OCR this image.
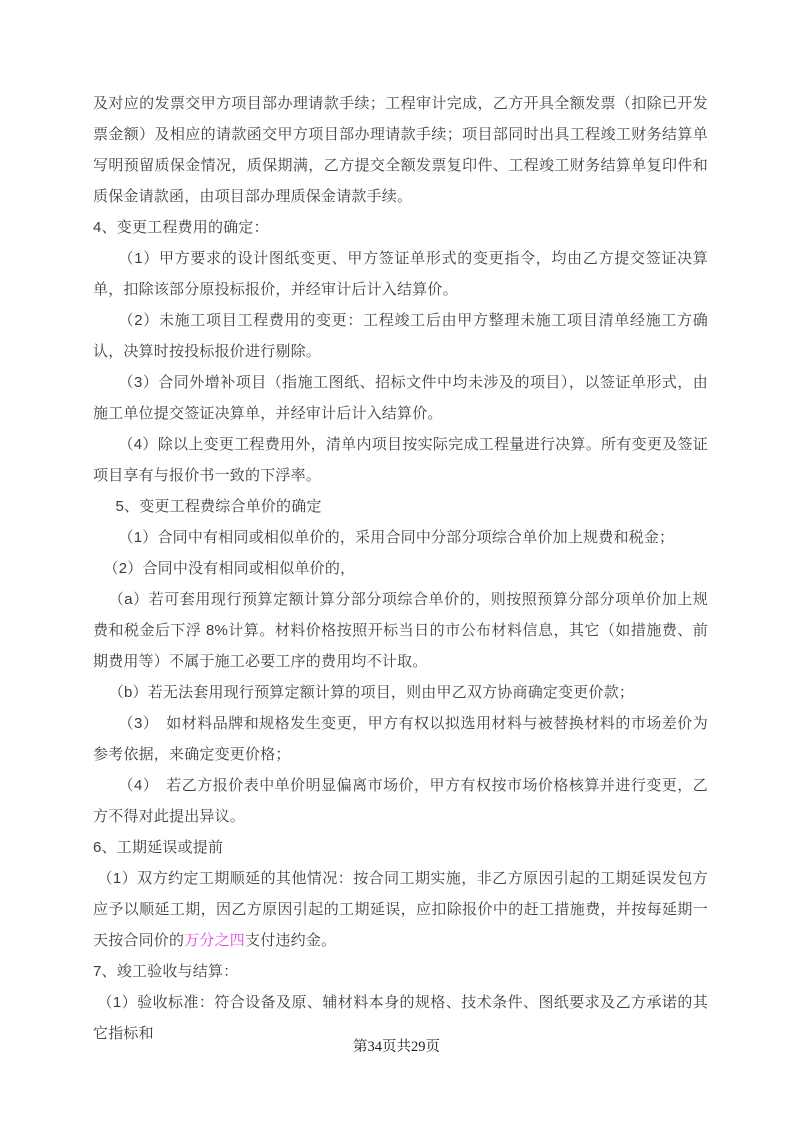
及对应的发票交甲方项目部办理请款手续；工程审计完成，乙方开具全额发票（扣除已开发票金额）及相应的请款函交甲方项目部办理请款手续；项目部同时出具工程竣工财务结算单写明预留质保金情况，质保期满，乙方提交全额发票复印件、工程竣工财务结算单复印件和质保金请款函，由项目部办理质保金请款手续。

4、变更工程费用的确定：

（1）甲方要求的设计图纸变更、甲方签证单形式的变更指令，均由乙方提交签证决算单，扣除该部分原投标报价，并经审计后计入结算价。

（2）未施工项目工程费用的变更：工程竣工后由甲方整理未施工项目清单经施工方确认，决算时按投标报价进行剔除。

（3）合同外增补项目（指施工图纸、招标文件中均未涉及的项目），以签证单形式，由施工单位提交签证决算单，并经审计后计入结算价。

（4）除以上变更工程费用外，清单内项目按实际完成工程量进行决算。所有变更及签证项目享有与报价书一致的下浮率。

5、变更工程费综合单价的确定

（1）合同中有相同或相似单价的，采用合同中分部分项综合单价加上规费和税金；

（2）合同中没有相同或相似单价的，

（a）若可套用现行预算定额计算分部分项综合单价的，则按照预算分部分项单价加上规费和税金后下浮 8%计算。材料价格按照开标当日的市公布材料信息，其它（如措施费、前期费用等）不属于施工必要工序的费用均不计取。

（b）若无法套用现行预算定额计算的项目，则由甲乙双方协商确定变更价款；

（3）　如材料品牌和规格发生变更，甲方有权以拟选用材料与被替换材料的市场差价为参考依据，来确定变更价格；

（4）　若乙方报价表中单价明显偏离市场价，甲方有权按市场价格核算并进行变更，乙方不得对此提出异议。

6、工期延误或提前

（1）双方约定工期顺延的其他情况：按合同工期实施，非乙方原因引起的工期延误发包方应予以顺延工期，因乙方原因引起的工期延误，应扣除报价中的赶工措施费，并按每延期一天按合同价的万分之四支付违约金。

7、竣工验收与结算：

（1）验收标准：符合设备及原、辅材料本身的规格、技术条件、图纸要求及乙方承诺的其它指标和

第34页共29页
